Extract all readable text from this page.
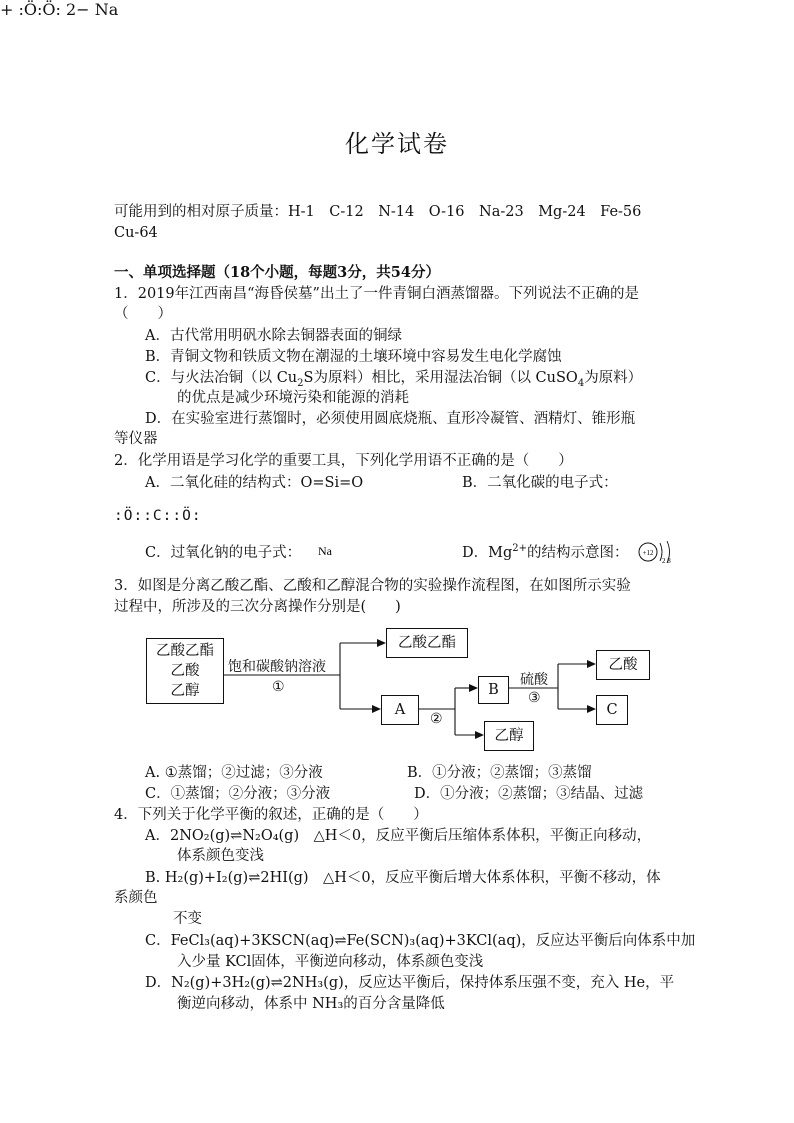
化学试卷
可能用到的相对原子质量：H-1　C-12　N-14　O-16　Na-23　Mg-24　Fe-56
Cu-64
一、单项选择题（18个小题，每题3分，共54分）
1．2019年江西南昌“海昏侯墓”出土了一件青铜白酒蒸馏器。下列说法不正确的是
（　　）
A．古代常用明矾水除去铜器表面的铜绿
B．青铜文物和铁质文物在潮湿的土壤环境中容易发生电化学腐蚀
C．与火法冶铜（以 $Cu_2S$为原料）相比，采用湿法冶铜（以 CuSO$_4$为原料）
的优点是减少环境污染和能源的消耗
D．在实验室进行蒸馏时，必须使用圆底烧瓶、直形冷凝管、酒精灯、锥形瓶
等仪器
2．化学用语是学习化学的重要工具，下列化学用语不正确的是（　　）
A．二氧化硅的结构式：O=Si=O	B．二氧化碳的电子式：
:Ö::C::Ö:
C．过氧化钠的电子式： Na
+ :Ö:Ö: 2− Na
D．$Mg^{2+}$的结构示意图： +12
2 8
3．如图是分离乙酸乙酯、乙酸和乙醇混合物的实验操作流程图，在如图所示实验
过程中，所涉及的三次分离操作分别是(　　)
乙酸乙酯
乙酸
乙醇
饱和碳酸钠溶液
①
乙酸乙酯
A
②
B
乙醇
硫酸
③
乙酸
C
A. ①蒸馏；②过滤；③分液	B．①分液；②蒸馏；③蒸馏
C．①蒸馏；②分液；③分液	D．①分液；②蒸馏；③结晶、过滤
4．下列关于化学平衡的叙述，正确的是（　　）
A．2NO₂(g)⇌N₂O₄(g)　△H＜0，反应平衡后压缩体系体积，平衡正向移动，
体系颜色变浅
B. H₂(g)+I₂(g)⇌2HI(g)　△H＜0，反应平衡后增大体系体积，平衡不移动，体
系颜色
不变
C．FeCl₃(aq)+3KSCN(aq)⇌Fe(SCN)₃(aq)+3KCl(aq)，反应达平衡后向体系中加
入少量 KCl固体，平衡逆向移动，体系颜色变浅
D．N₂(g)+3H₂(g)⇌2NH₃(g)，反应达平衡后，保持体系压强不变，充入 He，平
衡逆向移动，体系中 NH₃的百分含量降低
